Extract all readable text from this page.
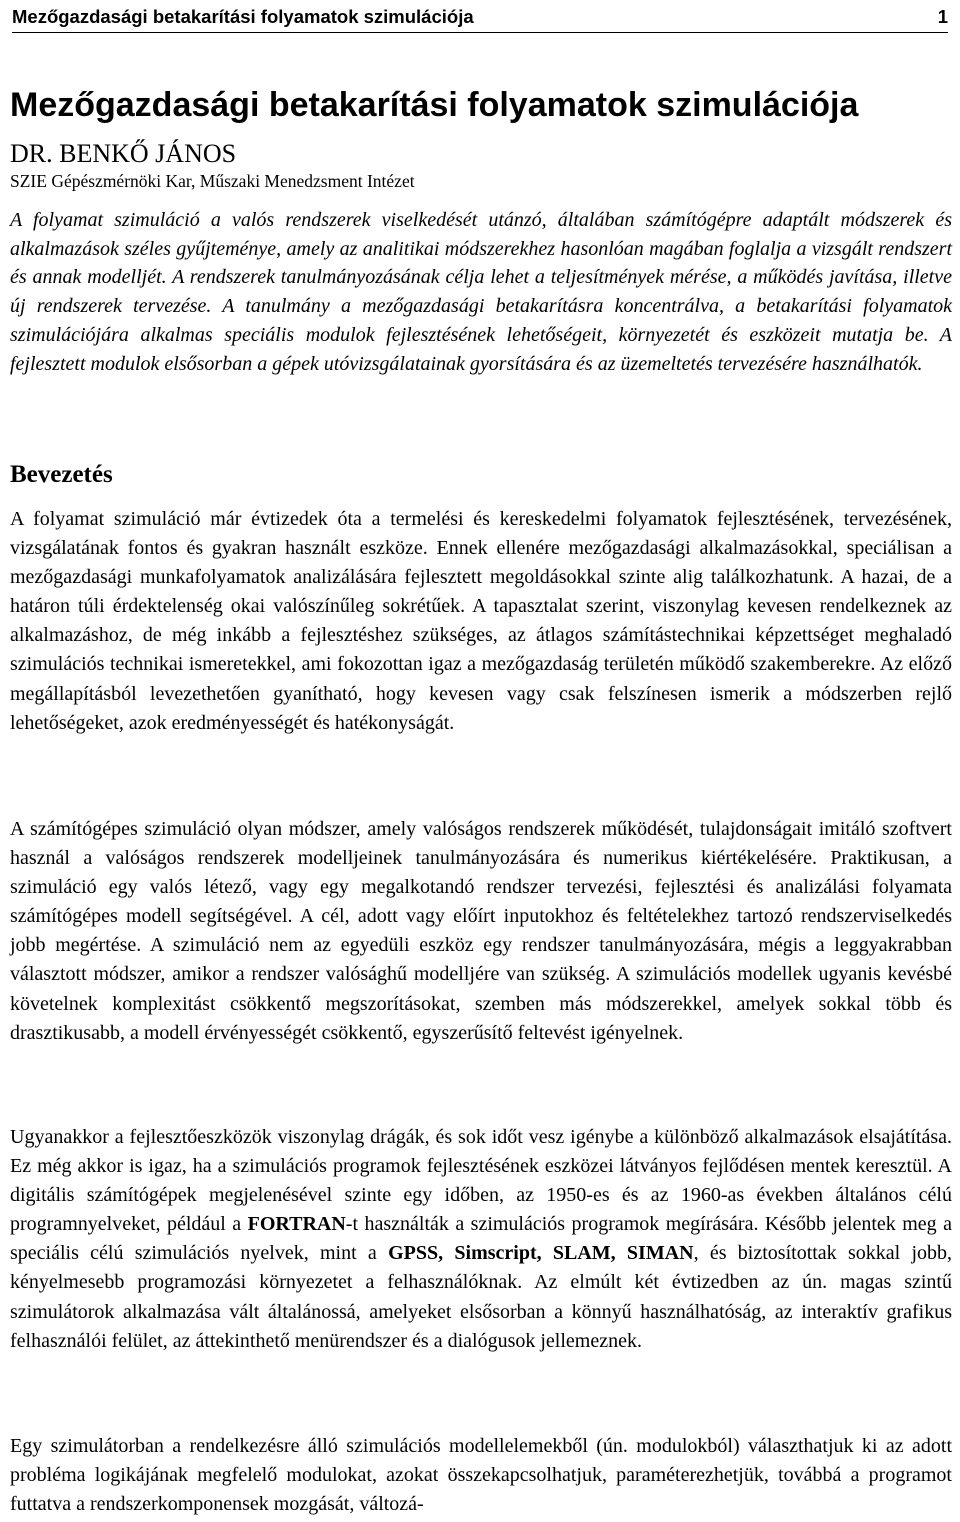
Mezőgazdasági betakarítási folyamatok szimulációja	1
Mezőgazdasági betakarítási folyamatok szimulációja

DR. BENKŐ JÁNOS

SZIE Gépészmérnöki Kar, Műszaki Menedzsment Intézet

A folyamat szimuláció a valós rendszerek viselkedését utánzó, általában számítógépre adaptált módszerek és alkalmazások széles gyűjteménye, amely az analitikai módszerekhez hasonlóan magában foglalja a vizsgált rendszert és annak modelljét. A rendszerek tanulmányozásának célja lehet a teljesítmények mérése, a működés javítása, illetve új rendszerek tervezése. A tanulmány a mezőgazdasági betakarításra koncentrálva, a betakarítási folyamatok szimulációjára alkalmas speciális modulok fejlesztésének lehetőségeit, környezetét és eszközeit mutatja be. A fejlesztett modulok elsősorban a gépek utóvizsgálatainak gyorsítására és az üzemeltetés tervezésére használhatók.

Bevezetés

A folyamat szimuláció már évtizedek óta a termelési és kereskedelmi folyamatok fejlesztésének, tervezésének, vizsgálatának fontos és gyakran használt eszköze. Ennek ellenére mezőgazdasági alkalmazásokkal, speciálisan a mezőgazdasági munkafolyamatok analizálására fejlesztett megoldásokkal szinte alig találkozhatunk. A hazai, de a határon túli érdektelenség okai valószínűleg sokrétűek. A tapasztalat szerint, viszonylag kevesen rendelkeznek az alkalmazáshoz, de még inkább a fejlesztéshez szükséges, az átlagos számítástechnikai képzettséget meghaladó szimulációs technikai ismeretekkel, ami fokozottan igaz a mezőgazdaság területén működő szakemberekre. Az előző megállapításból levezethetően gyanítható, hogy kevesen vagy csak felszínesen ismerik a módszerben rejlő lehetőségeket, azok eredményességét és hatékonyságát.

A számítógépes szimuláció olyan módszer, amely valóságos rendszerek működését, tulajdonságait imitáló szoftvert használ a valóságos rendszerek modelljeinek tanulmányozására és numerikus kiértékelésére. Praktikusan, a szimuláció egy valós létező, vagy egy megalkotandó rendszer tervezési, fejlesztési és analizálási folyamata számítógépes modell segítségével. A cél, adott vagy előírt inputokhoz és feltételekhez tartozó rendszerviselkedés jobb megértése. A szimuláció nem az egyedüli eszköz egy rendszer tanulmányozására, mégis a leggyakrabban választott módszer, amikor a rendszer valósághű modelljére van szükség. A szimulációs modellek ugyanis kevésbé követelnek komplexitást csökkentő megszorításokat, szemben más módszerekkel, amelyek sokkal több és drasztikusabb, a modell érvényességét csökkentő, egyszerűsítő feltevést igényelnek.

Ugyanakkor a fejlesztőeszközök viszonylag drágák, és sok időt vesz igénybe a különböző alkalmazások elsajátítása. Ez még akkor is igaz, ha a szimulációs programok fejlesztésének eszközei látványos fejlődésen mentek keresztül. A digitális számítógépek megjelenésével szinte egy időben, az 1950-es és az 1960-as években általános célú programnyelveket, például a FORTRAN-t használták a szimulációs programok megírására. Később jelentek meg a speciális célú szimulációs nyelvek, mint a GPSS, Simscript, SLAM, SIMAN, és biztosítottak sokkal jobb, kényelmesebb programozási környezetet a felhasználóknak. Az elmúlt két évtizedben az ún. magas szintű szimulátorok alkalmazása vált általánossá, amelyeket elsősorban a könnyű használhatóság, az interaktív grafikus felhasználói felület, az áttekinthető menürendszer és a dialógusok jellemeznek.

Egy szimulátorban a rendelkezésre álló szimulációs modellelemekből (ún. modulokból) választhatjuk ki az adott probléma logikájának megfelelő modulokat, azokat összekapcsolhatjuk, paraméterezhetjük, továbbá a programot futtatva a rendszerkomponensek mozgását, változá-
